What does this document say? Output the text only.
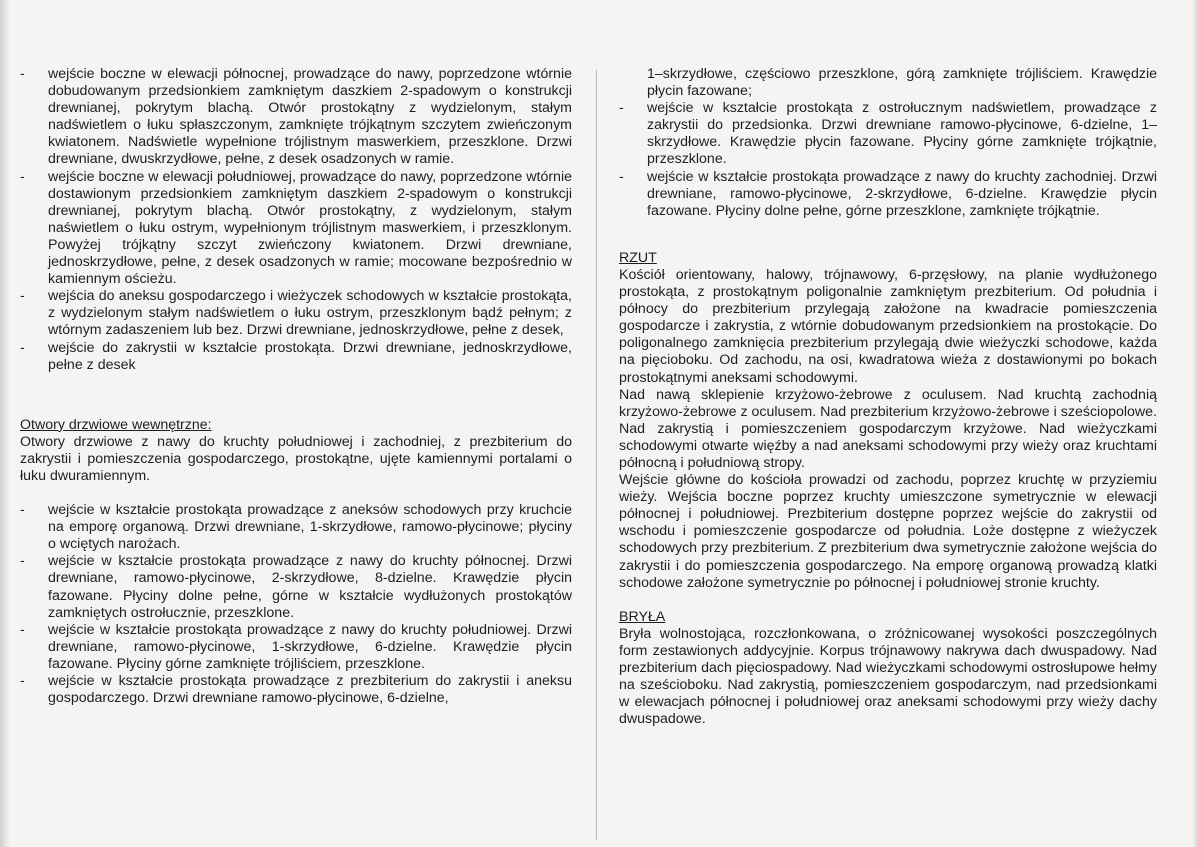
-	wejście boczne w elewacji północnej, prowadzące do nawy, poprzedzone wtórnie dobudowanym przedsionkiem zamkniętym daszkiem 2-spadowym o konstrukcji drewnianej, pokrytym blachą. Otwór prostokątny z wydzielonym, stałym nadświetlem o łuku spłaszczonym, zamknięte trójkątnym szczytem zwieńczonym kwiatonem. Nadświetle wypełnione trójlistnym maswerkiem, przeszklone. Drzwi drewniane, dwuskrzydłowe, pełne, z desek osadzonych w ramie.
-	wejście boczne w elewacji południowej, prowadzące do nawy, poprzedzone wtórnie dostawionym przedsionkiem zamkniętym daszkiem 2-spadowym o konstrukcji drewnianej, pokrytym blachą. Otwór prostokątny, z wydzielonym, stałym naświetlem o łuku ostrym, wypełnionym trójlistnym maswerkiem, i przeszklonym. Powyżej trójkątny szczyt zwieńczony kwiatonem. Drzwi drewniane, jednoskrzydłowe, pełne, z desek osadzonych w ramie; mocowane bezpośrednio w kamiennym ościeżu.
-	wejścia do aneksu gospodarczego i wieżyczek schodowych w kształcie prostokąta, z wydzielonym stałym nadświetlem o łuku ostrym, przeszklonym bądź pełnym; z wtórnym zadaszeniem lub bez. Drzwi drewniane, jednoskrzydłowe, pełne z desek,
-	wejście do zakrystii w kształcie prostokąta. Drzwi drewniane, jednoskrzydłowe, pełne z desek

Otwory drzwiowe wewnętrzne:

Otwory drzwiowe z nawy do kruchty południowej i zachodniej, z prezbiterium do zakrystii i pomieszczenia gospodarczego, prostokątne, ujęte kamiennymi portalami o łuku dwuramiennym.

-	wejście w kształcie prostokąta prowadzące z aneksów schodowych przy kruchcie na emporę organową. Drzwi drewniane, 1-skrzydłowe, ramowo-płycinowe; płyciny o wciętych narożach.
-	wejście w kształcie prostokąta prowadzące z nawy do kruchty północnej. Drzwi drewniane, ramowo-płycinowe, 2-skrzydłowe, 8-dzielne. Krawędzie płycin fazowane. Płyciny dolne pełne, górne w kształcie wydłużonych prostokątów zamkniętych ostrołucznie, przeszklone.
-	wejście w kształcie prostokąta prowadzące z nawy do kruchty południowej. Drzwi drewniane, ramowo-płycinowe, 1-skrzydłowe, 6-dzielne. Krawędzie płycin fazowane. Płyciny górne zamknięte trójliściem, przeszklone.
-	wejście w kształcie prostokąta prowadzące z prezbiterium do zakrystii i aneksu gospodarczego. Drzwi drewniane ramowo-płycinowe, 6-dzielne,

1–skrzydłowe, częściowo przeszklone, górą zamknięte trójliściem. Krawędzie płycin fazowane;

-	wejście w kształcie prostokąta z ostrołucznym nadświetlem, prowadzące z zakrystii do przedsionka. Drzwi drewniane ramowo-płycinowe, 6-dzielne, 1–skrzydłowe. Krawędzie płycin fazowane. Płyciny górne zamknięte trójkątnie, przeszklone.
-	wejście w kształcie prostokąta prowadzące z nawy do kruchty zachodniej. Drzwi drewniane, ramowo-płycinowe, 2-skrzydłowe, 6-dzielne. Krawędzie płycin fazowane. Płyciny dolne pełne, górne przeszklone, zamknięte trójkątnie.

RZUT

Kościół orientowany, halowy, trójnawowy, 6-przęsłowy, na planie wydłużonego prostokąta, z prostokątnym poligonalnie zamkniętym prezbiterium. Od południa i północy do prezbiterium przylegają założone na kwadracie pomieszczenia gospodarcze i zakrystia, z wtórnie dobudowanym przedsionkiem na prostokącie. Do poligonalnego zamknięcia prezbiterium przylegają dwie wieżyczki schodowe, każda na pięcioboku. Od zachodu, na osi, kwadratowa wieża z dostawionymi po bokach prostokątnymi aneksami schodowymi.

Nad nawą sklepienie krzyżowo-żebrowe z oculusem. Nad kruchtą zachodnią krzyżowo-żebrowe z oculusem. Nad prezbiterium krzyżowo-żebrowe i sześciopolowe. Nad zakrystią i pomieszczeniem gospodarczym krzyżowe. Nad wieżyczkami schodowymi otwarte więźby a nad aneksami schodowymi przy wieży oraz kruchtami północną i południową stropy.

Wejście główne do kościoła prowadzi od zachodu, poprzez kruchtę w przyziemiu wieży. Wejścia boczne poprzez kruchty umieszczone symetrycznie w elewacji północnej i południowej. Prezbiterium dostępne poprzez wejście do zakrystii od wschodu i pomieszczenie gospodarcze od południa. Loże dostępne z wieżyczek schodowych przy prezbiterium. Z prezbiterium dwa symetrycznie założone wejścia do zakrystii i do pomieszczenia gospodarczego. Na emporę organową prowadzą klatki schodowe założone symetrycznie po północnej i południowej stronie kruchty.

BRYŁA

Bryła wolnostojąca, rozczłonkowana, o zróżnicowanej wysokości poszczególnych form zestawionych addycyjnie. Korpus trójnawowy nakrywa dach dwuspadowy. Nad prezbiterium dach pięciospadowy. Nad wieżyczkami schodowymi ostrosłupowe hełmy na sześcioboku. Nad zakrystią, pomieszczeniem gospodarczym, nad przedsionkami w elewacjach północnej i południowej oraz aneksami schodowymi przy wieży dachy dwuspadowe.
